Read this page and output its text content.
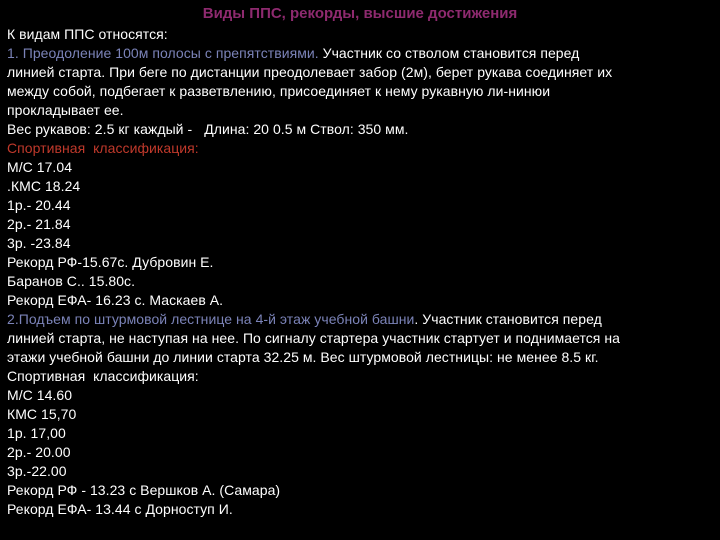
Виды ППС, рекорды, высшие достижения
К видам ППС относятся:
1. Преодоление 100м полосы с препятствиями. Участник со стволом становится перед
линией старта. При беге по дистанции преодолевает забор (2м), берет рукава соединяет их
между собой, подбегает к разветвлению, присоединяет к нему рукавную ли-нинюи
прокладывает ее.
Вес рукавов: 2.5 кг каждый - Длина: 20 0.5 м Ствол: 350 мм.
Спортивная  классификация:
М/С 17.04
.КМС 18.24
1р.- 20.44
2р.- 21.84
3р. -23.84
Рекорд РФ-15.67с. Дубровин Е.
Баранов С.. 15.80с.
Рекорд ЕФА- 16.23 с. Маскаев А.
2.Подъем по штурмовой лестнице на 4-й этаж учебной башни. Участник становится перед
линией старта, не наступая на нее. По сигналу стартера участник стартует и поднимается на
этажи учебной башни до линии старта 32.25 м. Вес штурмовой лестницы: не менее 8.5 кг.
Спортивная  классификация:
М/С 14.60
КМС 15,70
1р. 17,00
2р.- 20.00
3р.-22.00
Рекорд РФ - 13.23 с Вершков А. (Самара)
Рекорд ЕФА- 13.44 с Дорноступ И.
